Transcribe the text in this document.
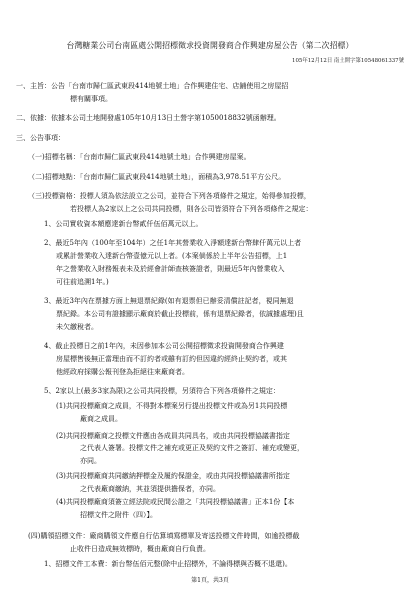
台灣糖業公司台南區處公開招標徵求投資開發商合作興建房屋公告（第二次招標）
105年12月12日 南土開字第10548061337號
一、主旨：公告「台南市歸仁區武東段414地號土地」合作興建住宅、店鋪使用之房屋招
標有關事項。
二、依據：依據本公司土地開發處105年10月13日土營字第1050018832號函辦理。
三、公告事項：
（一)招標名稱：「台南市歸仁區武東段414地號土地」合作興建房屋案。
（二)招標地點：「台南市歸仁區武東段414地號土地」，面積為3,978.51平方公尺。
（三)投標資格：投標人須為依法設立之公司，並符合下列各項條件之規定，始得參加投標，
若投標人為2家以上之公司共同投標，則各公司皆須符合下列各項條件之規定：
1、公司實收資本額應達新台幣貳仟伍佰萬元以上。
2、最近5年內（100年至104年）之任1年其營業收入淨額達新台幣肆仟萬元以上者
或累計營業收入達新台幣壹億元以上者。(本案倘係於上半年公告招標，上1
年之營業收入財務報表未及於經會計師查核簽證者，則最近5年內營業收入
可往前追溯1年。)
3、最近3年內在票據方面上無退票紀錄(如有退票但已辦妥清償註記者，視同無退
票紀錄。本公司有證據顯示廠商於截止投標前，係有退票紀錄者，依誠據處理)且
未欠繳稅者。
4、截止投標日之前1年內，未因參加本公司公開招標徵求投資開發商合作興建
房屋標售後無正當理由而不訂約者或雖有訂約但因違約經終止契約者，或其
他經政府採購公報刊登為拒絕往來廠商者。
5、2家以上(最多3家為限)之公司共同投標，另須符合下列各項條件之規定：
(1)共同投標廠商之成員，不得對本標案另行提出投標文件或為另1共同投標
廠商之成員。
(2)共同投標廠商之投標文件應由各成員共同具名，或由共同投標協議書指定
之代表人簽署。投標文件之補充或更正及契約文件之簽訂、補充或變更，
亦同。
(3)共同投標廠商共同繳納押標金及履約保證金，或由共同投標協議書所指定
之代表廠商繳納，其並須提供擔保者，亦同。
(4)共同投標廠商須簽立經法院或民間公證之「共同投標協議書」正本1份【本
招標文件之附件（四）】。
(四)購領招標文件：廠商購領文件應自行估算填寫標單及寄送投標文件時間，如逾投標截
止收件日造成無效標時，概由廠商自行負責。
1、招標文件工本費：新台幣伍佰元整(除中止招標外，不論得標與否概不退還)。
第1頁，共3頁
